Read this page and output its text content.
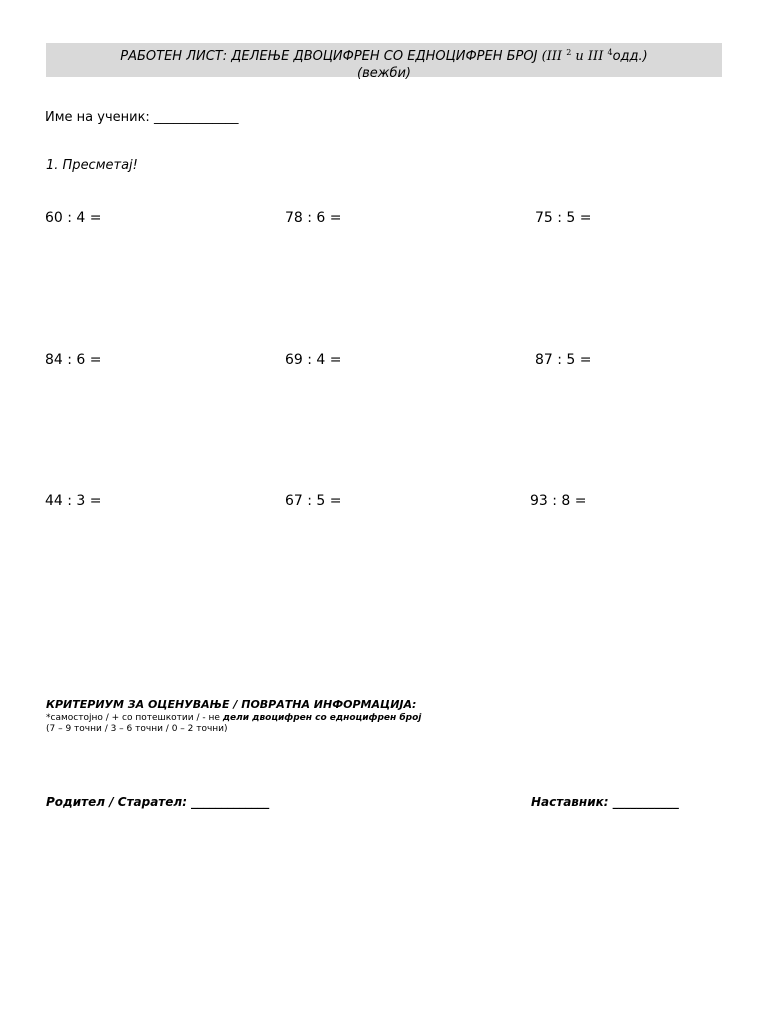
РАБОТЕН ЛИСТ: ДЕЛЕЊЕ ДВОЦИФРЕН СО ЕДНОЦИФРЕН БРОЈ (III $^2$ и III $^4$одд.)
(вежби)
Име на ученик: _____________
1. Пресметај!
60 : 4 =	78 : 6 =	75 : 5 =
84 : 6 =	69 : 4 =	87 : 5 =
44 : 3 =	67 : 5 =	93 : 8 =
КРИТЕРИУМ ЗА ОЦЕНУВАЊЕ / ПОВРАТНА ИНФОРМАЦИЈА:
*самостојно / + со потешкотии / - не дели двоцифрен со едноцифрен број
(7 – 9 точни / 3 – 6 точни / 0 – 2 точни)
Родител / Старател: _____________	Наставник: ___________
